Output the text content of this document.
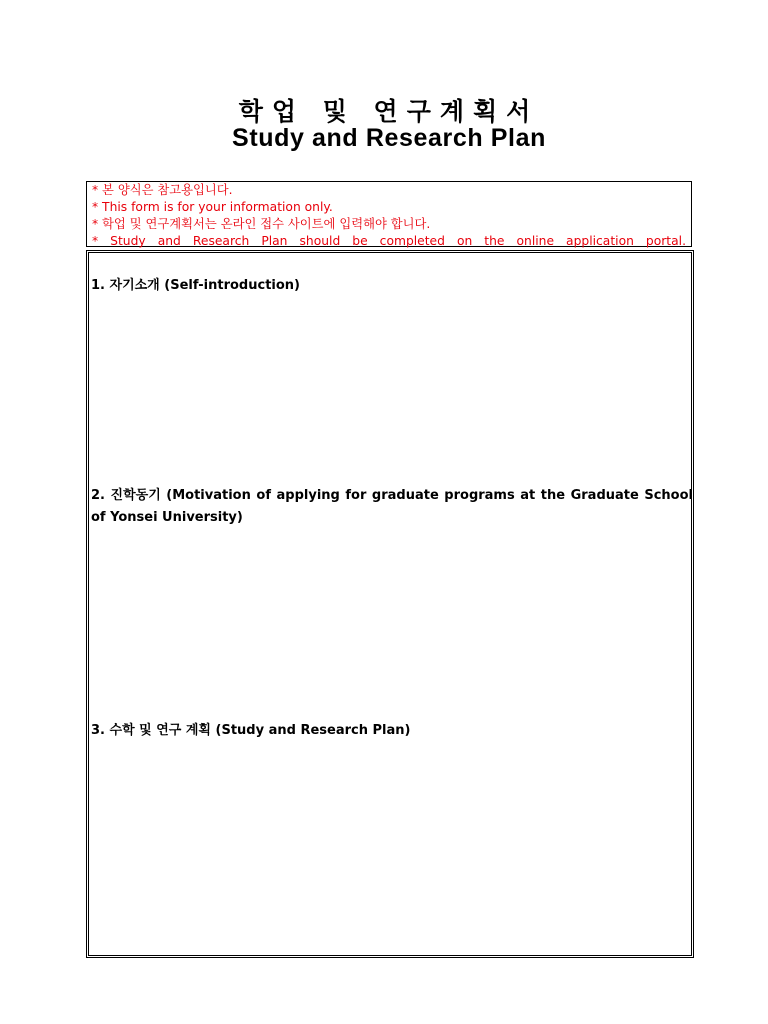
학업 및 연구계획서
Study and Research Plan
* 본 양식은 참고용입니다.
* This form is for your information only.
* 학업 및 연구계획서는 온라인 접수 사이트에 입력해야 합니다.
* Study and Research Plan should be completed on the online application portal.

1. 자기소개 (Self-introduction)

2. 진학동기 (Motivation of applying for graduate programs at the Graduate School of Yonsei University)

3. 수학 및 연구 계획 (Study and Research Plan)
